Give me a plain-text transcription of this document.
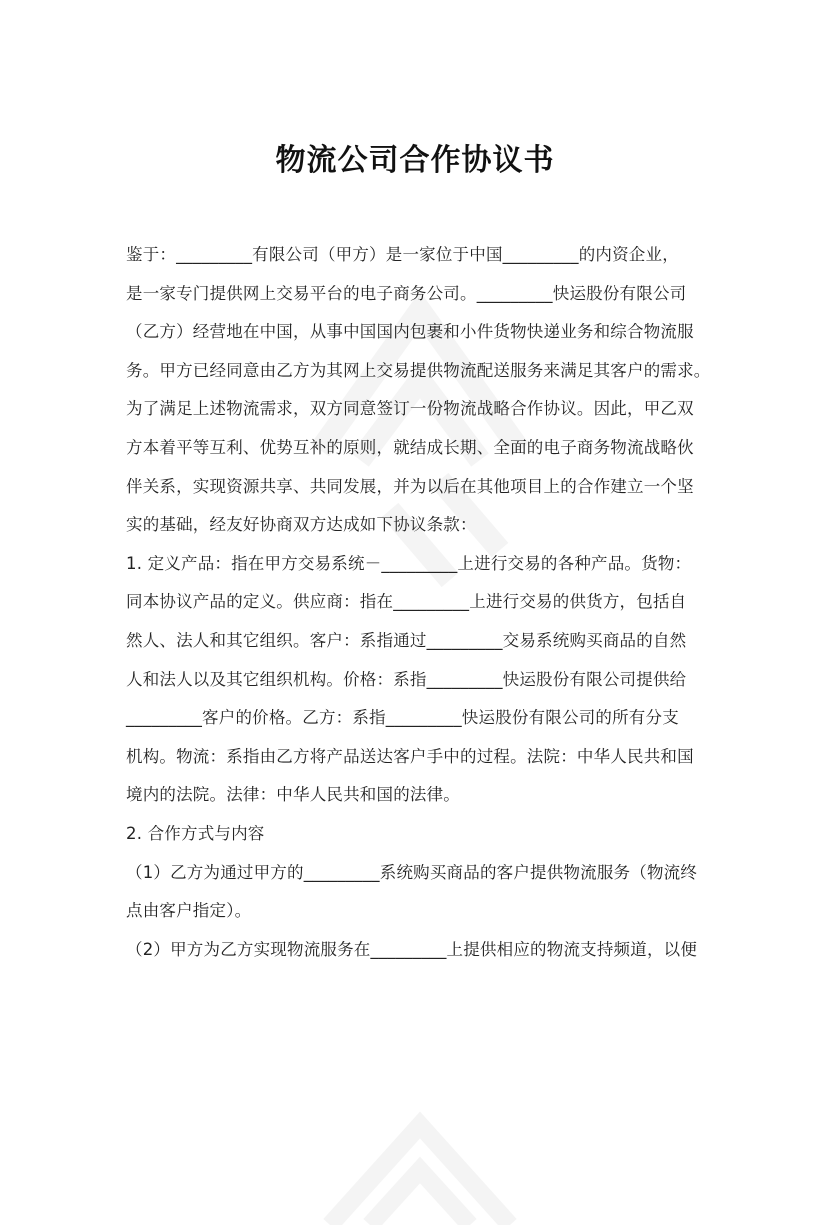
物流公司合作协议书
鉴于：_________有限公司（甲方）是一家位于中国_________的内资企业，
是一家专门提供网上交易平台的电子商务公司。_________快运股份有限公司
（乙方）经营地在中国，从事中国国内包裹和小件货物快递业务和综合物流服
务。甲方已经同意由乙方为其网上交易提供物流配送服务来满足其客户的需求。
为了满足上述物流需求，双方同意签订一份物流战略合作协议。因此，甲乙双
方本着平等互利、优势互补的原则，就结成长期、全面的电子商务物流战略伙
伴关系，实现资源共享、共同发展，并为以后在其他项目上的合作建立一个坚
实的基础，经友好协商双方达成如下协议条款：
1. 定义产品：指在甲方交易系统－_________上进行交易的各种产品。货物：
同本协议产品的定义。供应商：指在_________上进行交易的供货方，包括自
然人、法人和其它组织。客户：系指通过_________交易系统购买商品的自然
人和法人以及其它组织机构。价格：系指_________快运股份有限公司提供给
_________客户的价格。乙方：系指_________快运股份有限公司的所有分支
机构。物流：系指由乙方将产品送达客户手中的过程。法院：中华人民共和国
境内的法院。法律：中华人民共和国的法律。
2. 合作方式与内容
（1）乙方为通过甲方的_________系统购买商品的客户提供物流服务（物流终
点由客户指定）。
（2）甲方为乙方实现物流服务在_________上提供相应的物流支持频道，以便
